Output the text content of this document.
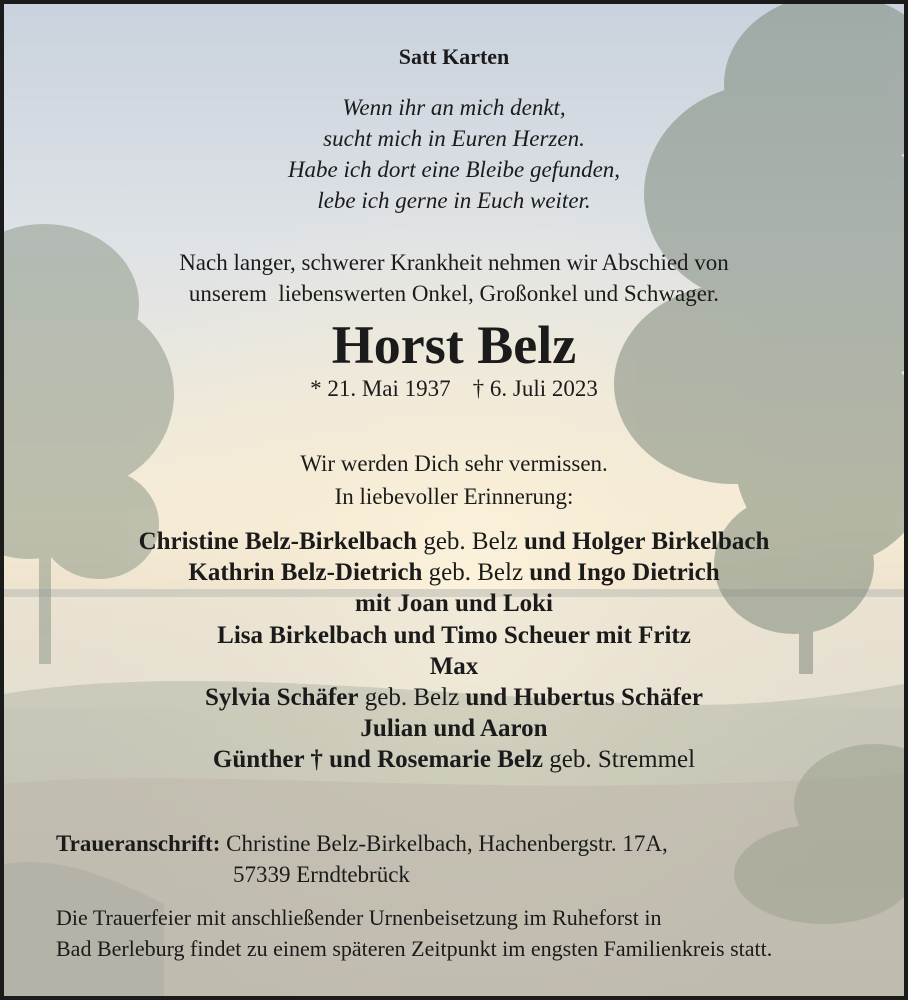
Satt Karten
Wenn ihr an mich denkt,
sucht mich in Euren Herzen.
Habe ich dort eine Bleibe gefunden,
lebe ich gerne in Euch weiter.
Nach langer, schwerer Krankheit nehmen wir Abschied von
unserem  liebenswerten Onkel, Großonkel und Schwager.
Horst Belz
* 21. Mai 1937 † 6. Juli 2023
Wir werden Dich sehr vermissen.
In liebevoller Erinnerung:
Christine Belz-Birkelbach geb. Belz und Holger Birkelbach
Kathrin Belz-Dietrich geb. Belz und Ingo Dietrich
mit Joan und Loki
Lisa Birkelbach und Timo Scheuer mit Fritz
Max
Sylvia Schäfer geb. Belz und Hubertus Schäfer
Julian und Aaron
Günther † und Rosemarie Belz geb. Stremmel
Traueranschrift: Christine Belz-Birkelbach, Hachenbergstr. 17A,
57339 Erndtebrück
Die Trauerfeier mit anschließender Urnenbeisetzung im Ruheforst in
Bad Berleburg findet zu einem späteren Zeitpunkt im engsten Familienkreis statt.
